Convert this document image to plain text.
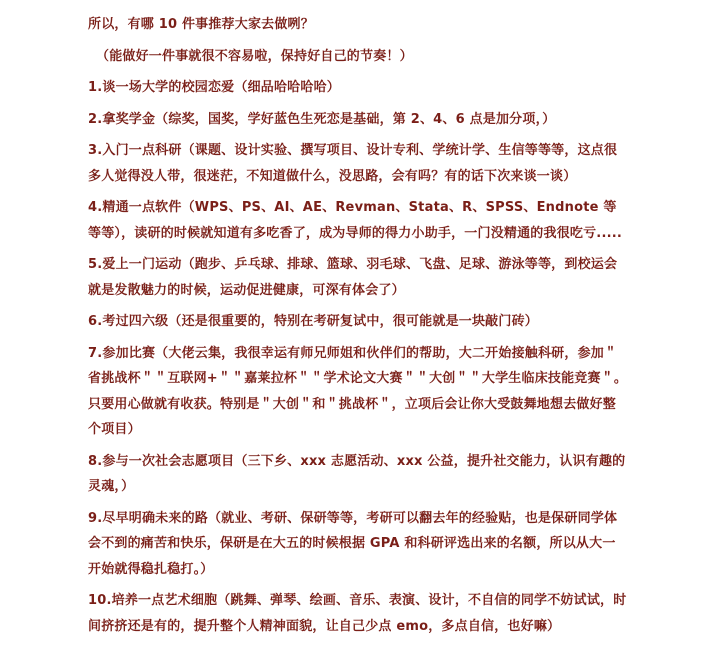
所以，有哪 10 件事推荐大家去做咧？

（能做好一件事就很不容易啦，保持好自己的节奏！）

1.谈一场大学的校园恋爱（细品哈哈哈哈）

2.拿奖学金（综奖，国奖，学好蓝色生死恋是基础，第 2、4、6 点是加分项，）

3.入门一点科研（课题、设计实验、撰写项目、设计专利、学统计学、生信等等等，这点很多人觉得没人带，很迷茫，不知道做什么，没思路，会有吗？有的话下次来谈一谈）

4.精通一点软件（WPS、PS、AI、AE、Revman、Stata、R、SPSS、Endnote 等等等），读研的时候就知道有多吃香了，成为导师的得力小助手，一门没精通的我很吃亏.....

5.爱上一门运动（跑步、乒乓球、排球、篮球、羽毛球、飞盘、足球、游泳等等，到校运会就是发散魅力的时候，运动促进健康，可深有体会了）

6.考过四六级（还是很重要的，特别在考研复试中，很可能就是一块敲门砖）

7.参加比赛（大佬云集，我很幸运有师兄师姐和伙伴们的帮助，大二开始接触科研，参加＂省挑战杯＂＂互联网+＂＂嘉莱拉杯＂＂学术论文大赛＂＂大创＂＂大学生临床技能竞赛＂。只要用心做就有收获。特别是＂大创＂和＂挑战杯＂，立项后会让你大受鼓舞地想去做好整个项目）

8.参与一次社会志愿项目（三下乡、xxx 志愿活动、xxx 公益，提升社交能力，认识有趣的灵魂，）

9.尽早明确未来的路（就业、考研、保研等等，考研可以翻去年的经验贴，也是保研同学体会不到的痛苦和快乐，保研是在大五的时候根据 GPA 和科研评选出来的名额，所以从大一开始就得稳扎稳打。）

10.培养一点艺术细胞（跳舞、弹琴、绘画、音乐、表演、设计，不自信的同学不妨试试，时间挤挤还是有的，提升整个人精神面貌，让自己少点 emo，多点自信，也好嘛）
